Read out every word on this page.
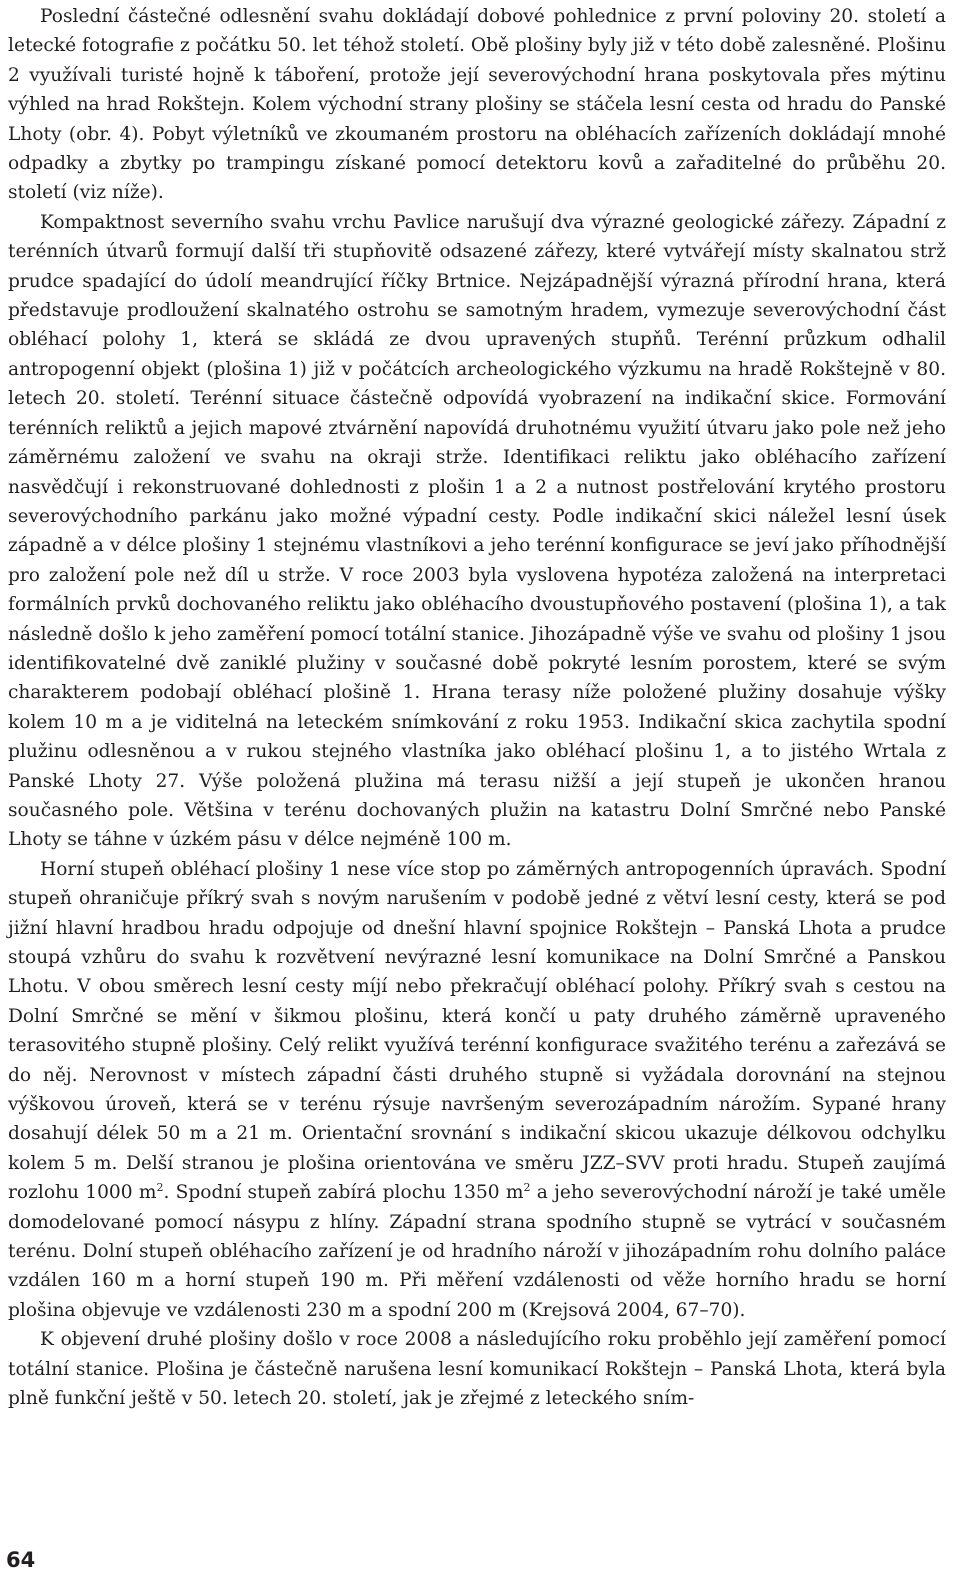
Poslední částečné odlesnění svahu dokládají dobové pohlednice z první poloviny 20. století a letecké fotografie z počátku 50. let téhož století. Obě plošiny byly již v této době zalesněné. Plošinu 2 využívali turisté hojně k táboření, protože její severovýchodní hrana poskytovala přes mýtinu výhled na hrad Rokštejn. Kolem východní strany plošiny se stáčela lesní cesta od hradu do Panské Lhoty (obr. 4). Pobyt výletníků ve zkoumaném prostoru na obléhacích zařízeních dokládají mnohé odpadky a zbytky po trampingu získané pomocí detektoru kovů a zařaditelné do průběhu 20. století (viz níže).

Kompaktnost severního svahu vrchu Pavlice narušují dva výrazné geologické zářezy. Západní z terénních útvarů formují další tři stupňovitě odsazené zářezy, které vytvářejí místy skalnatou strž prudce spadající do údolí meandrující říčky Brtnice. Nejzápadnější výrazná přírodní hrana, která představuje prodloužení skalnatého ostrohu se samotným hradem, vymezuje severovýchodní část obléhací polohy 1, která se skládá ze dvou upravených stupňů. Terénní průzkum odhalil antropogenní objekt (plošina 1) již v počátcích archeologického výzkumu na hradě Rokštejně v 80. letech 20. století. Terénní situace částečně odpovídá vyobrazení na indikační skice. Formování terénních reliktů a jejich mapové ztvárnění napovídá druhotnému využití útvaru jako pole než jeho záměrnému založení ve svahu na okraji strže. Identifikaci reliktu jako obléhacího zařízení nasvědčují i rekonstruované dohlednosti z plošin 1 a 2 a nutnost postřelování krytého prostoru severovýchodního parkánu jako možné výpadní cesty. Podle indikační skici náležel lesní úsek západně a v délce plošiny 1 stejnému vlastníkovi a jeho terénní konfigurace se jeví jako příhodnější pro založení pole než díl u strže. V roce 2003 byla vyslovena hypotéza založená na interpretaci formálních prvků dochovaného reliktu jako obléhacího dvoustupňového postavení (plošina 1), a tak následně došlo k jeho zaměření pomocí totální stanice. Jihozápadně výše ve svahu od plošiny 1 jsou identifikovatelné dvě zaniklé plužiny v současné době pokryté lesním porostem, které se svým charakterem podobají obléhací plošině 1. Hrana terasy níže položené plužiny dosahuje výšky kolem 10 m a je viditelná na leteckém snímkování z roku 1953. Indikační skica zachytila spodní plužinu odlesněnou a v rukou stejného vlastníka jako obléhací plošinu 1, a to jistého Wrtala z Panské Lhoty 27. Výše položená plužina má terasu nižší a její stupeň je ukončen hranou současného pole. Většina v terénu dochovaných plužin na katastru Dolní Smrčné nebo Panské Lhoty se táhne v úzkém pásu v délce nejméně 100 m.

Horní stupeň obléhací plošiny 1 nese více stop po záměrných antropogenních úpravách. Spodní stupeň ohraničuje příkrý svah s novým narušením v podobě jedné z větví lesní cesty, která se pod jižní hlavní hradbou hradu odpojuje od dnešní hlavní spojnice Rokštejn – Panská Lhota a prudce stoupá vzhůru do svahu k rozvětvení nevýrazné lesní komunikace na Dolní Smrčné a Panskou Lhotu. V obou směrech lesní cesty míjí nebo překračují obléhací polohy. Příkrý svah s cestou na Dolní Smrčné se mění v šikmou plošinu, která končí u paty druhého záměrně upraveného terasovitého stupně plošiny. Celý relikt využívá terénní konfigurace svažitého terénu a zařezává se do něj. Nerovnost v místech západní části druhého stupně si vyžádala dorovnání na stejnou výškovou úroveň, která se v terénu rýsuje navršeným severozápadním nárožím. Sypané hrany dosahují délek 50 m a 21 m. Orientační srovnání s indikační skicou ukazuje délkovou odchylku kolem 5 m. Delší stranou je plošina orientována ve směru JZZ–SVV proti hradu. Stupeň zaujímá rozlohu 1000 $m^2$. Spodní stupeň zabírá plochu 1350 $m^2$ a jeho severovýchodní nároží je také uměle domodelované pomocí násypu z hlíny. Západní strana spodního stupně se vytrácí v současném terénu. Dolní stupeň obléhacího zařízení je od hradního nároží v jihozápadním rohu dolního paláce vzdálen 160 m a horní stupeň 190 m. Při měření vzdálenosti od věže horního hradu se horní plošina objevuje ve vzdálenosti 230 m a spodní 200 m (Krejsová 2004, 67–70).

K objevení druhé plošiny došlo v roce 2008 a následujícího roku proběhlo její zaměření pomocí totální stanice. Plošina je částečně narušena lesní komunikací Rokštejn – Panská Lhota, která byla plně funkční ještě v 50. letech 20. století, jak je zřejmé z leteckého sním-

64
